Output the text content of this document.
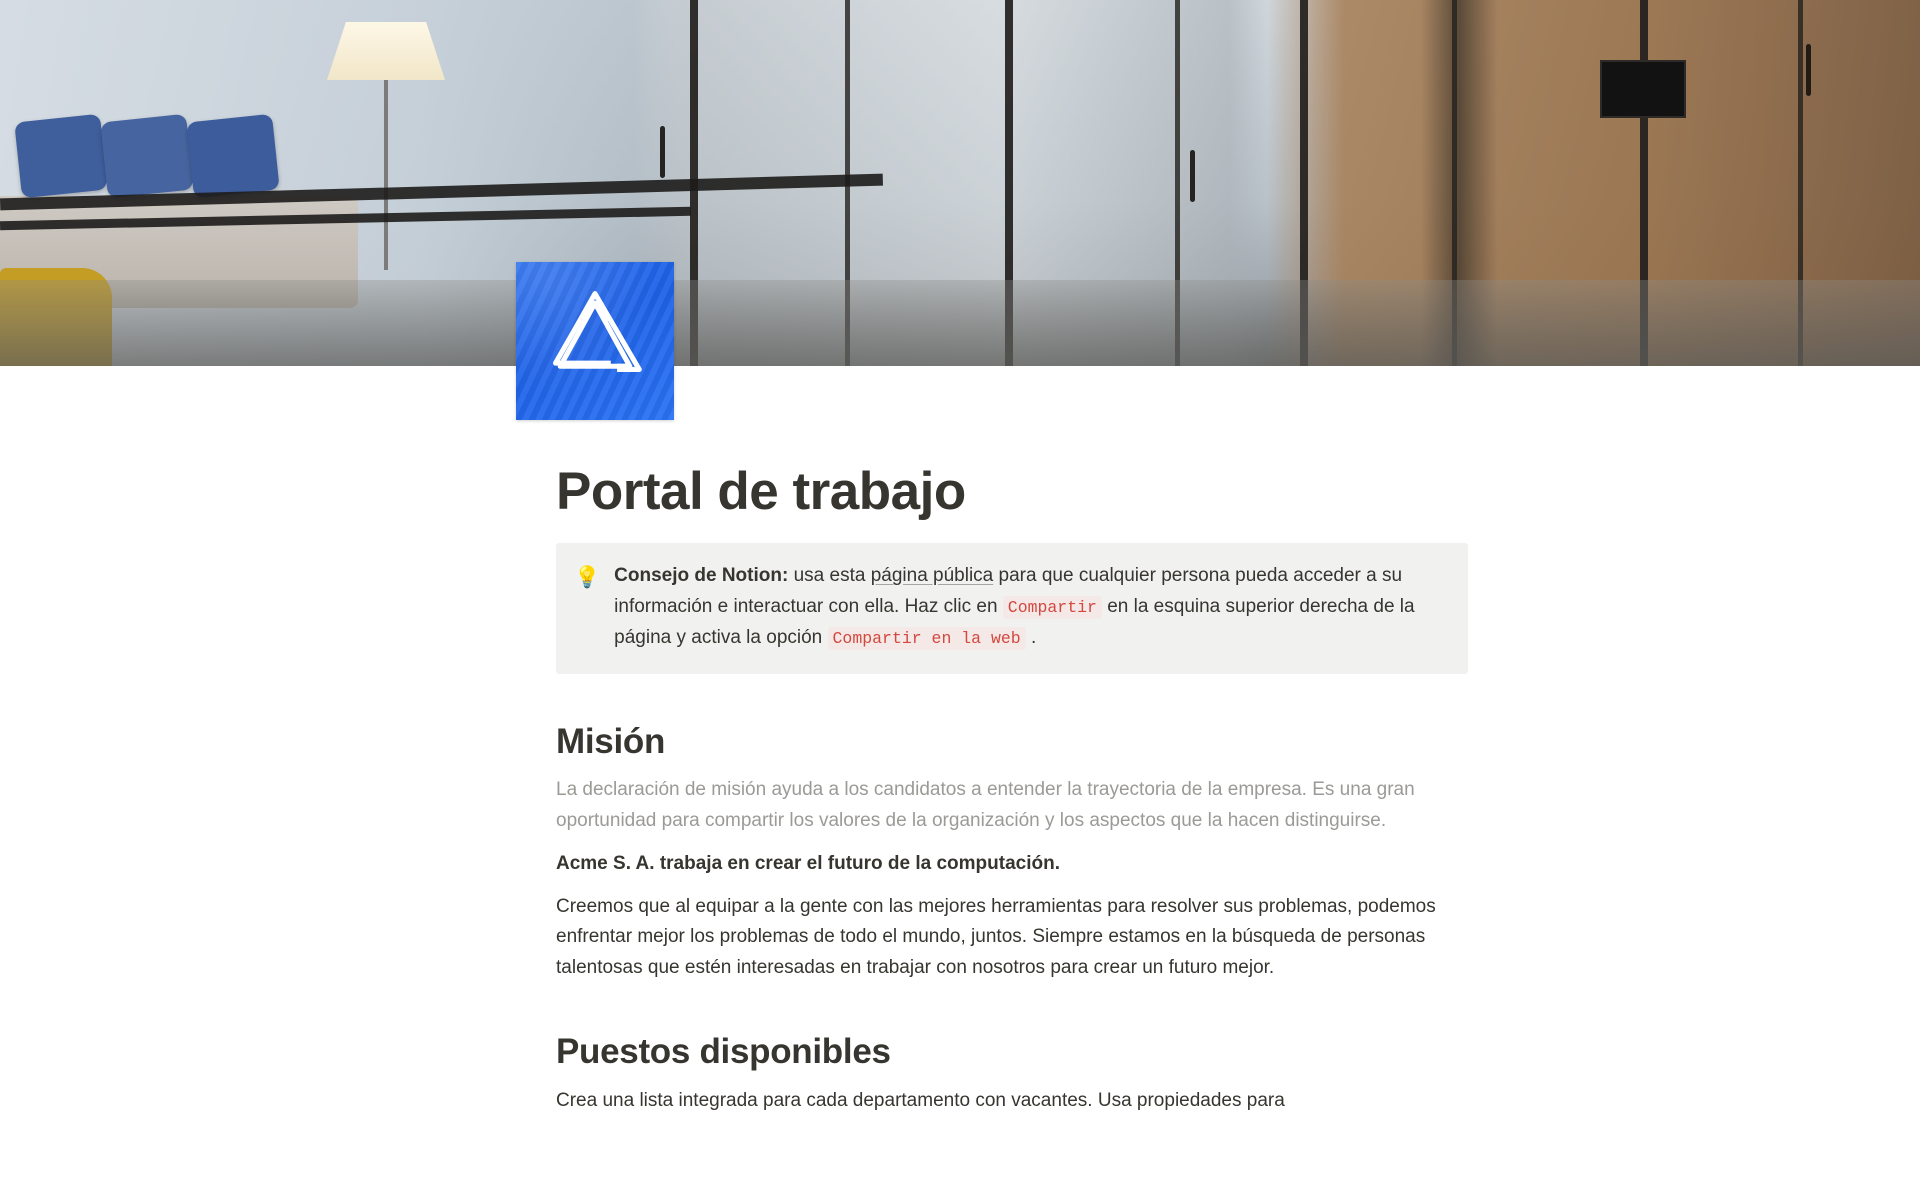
Portal de trabajo
💡 Consejo de Notion: usa esta página pública para que cualquier persona pueda acceder a su información e interactuar con ella. Haz clic en Compartir en la esquina superior derecha de la página y activa la opción Compartir en la web .
Misión

La declaración de misión ayuda a los candidatos a entender la trayectoria de la empresa. Es una gran oportunidad para compartir los valores de la organización y los aspectos que la hacen distinguirse.

Acme S. A. trabaja en crear el futuro de la computación.

Creemos que al equipar a la gente con las mejores herramientas para resolver sus problemas, podemos enfrentar mejor los problemas de todo el mundo, juntos. Siempre estamos en la búsqueda de personas talentosas que estén interesadas en trabajar con nosotros para crear un futuro mejor.

Puestos disponibles

Crea una lista integrada para cada departamento con vacantes. Usa propiedades para
